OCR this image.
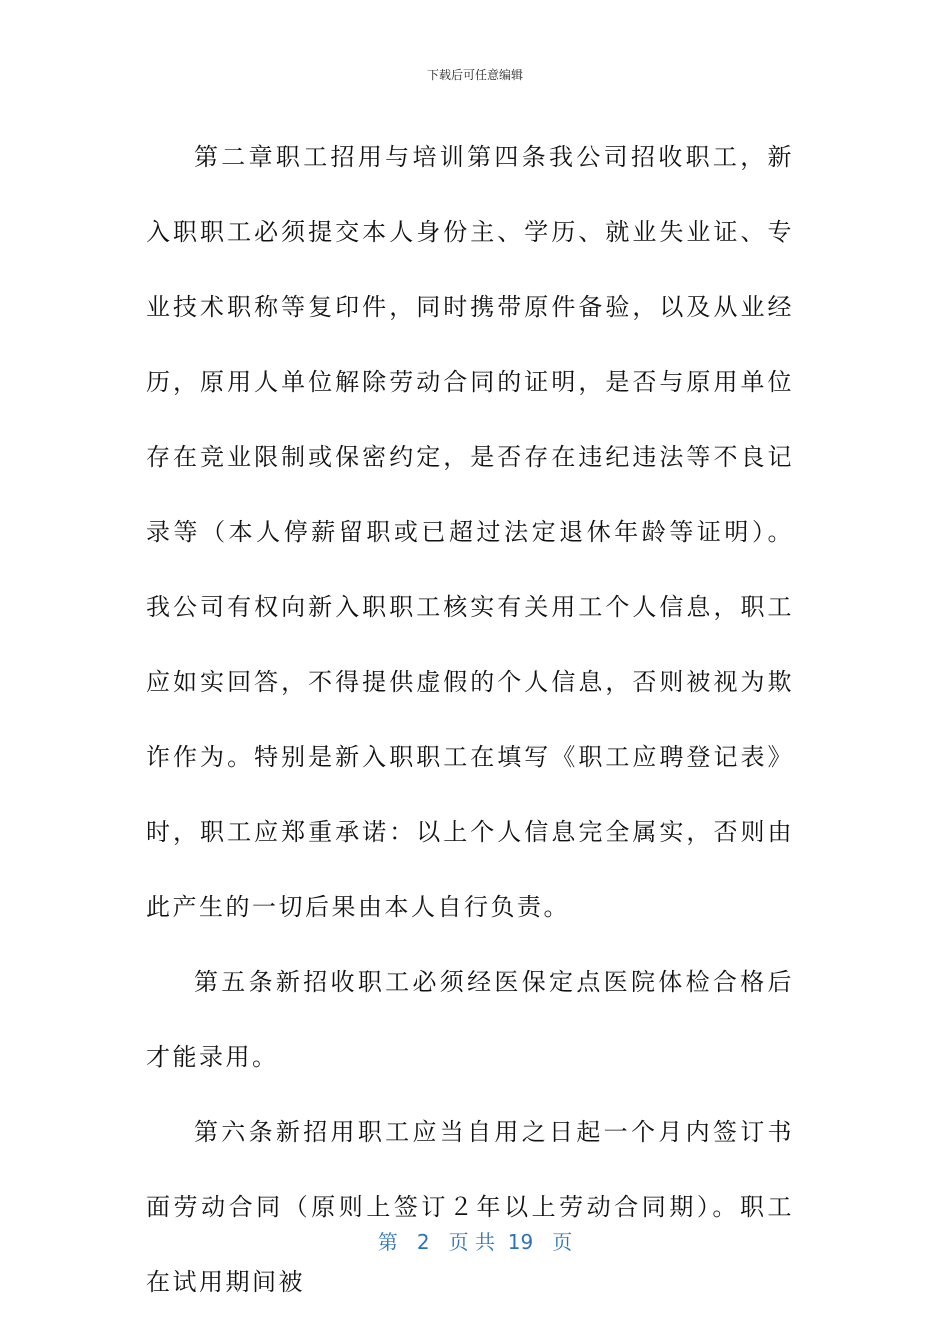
下载后可任意编辑

第二章职工招用与培训第四条我公司招收职工，新入职职工必须提交本人身份主、学历、就业失业证、专业技术职称等复印件，同时携带原件备验，以及从业经历，原用人单位解除劳动合同的证明，是否与原用单位存在竞业限制或保密约定，是否存在违纪违法等不良记录等（本人停薪留职或已超过法定退休年龄等证明）。我公司有权向新入职职工核实有关用工个人信息，职工应如实回答，不得提供虚假的个人信息，否则被视为欺诈作为。特别是新入职职工在填写《职工应聘登记表》时，职工应郑重承诺：以上个人信息完全属实，否则由此产生的一切后果由本人自行负责。

第五条新招收职工必须经医保定点医院体检合格后才能录用。

第六条新招用职工应当自用之日起一个月内签订书面劳动合同（原则上签订２年以上劳动合同期）。职工在试用期间被

第 2 页 共 19 页
